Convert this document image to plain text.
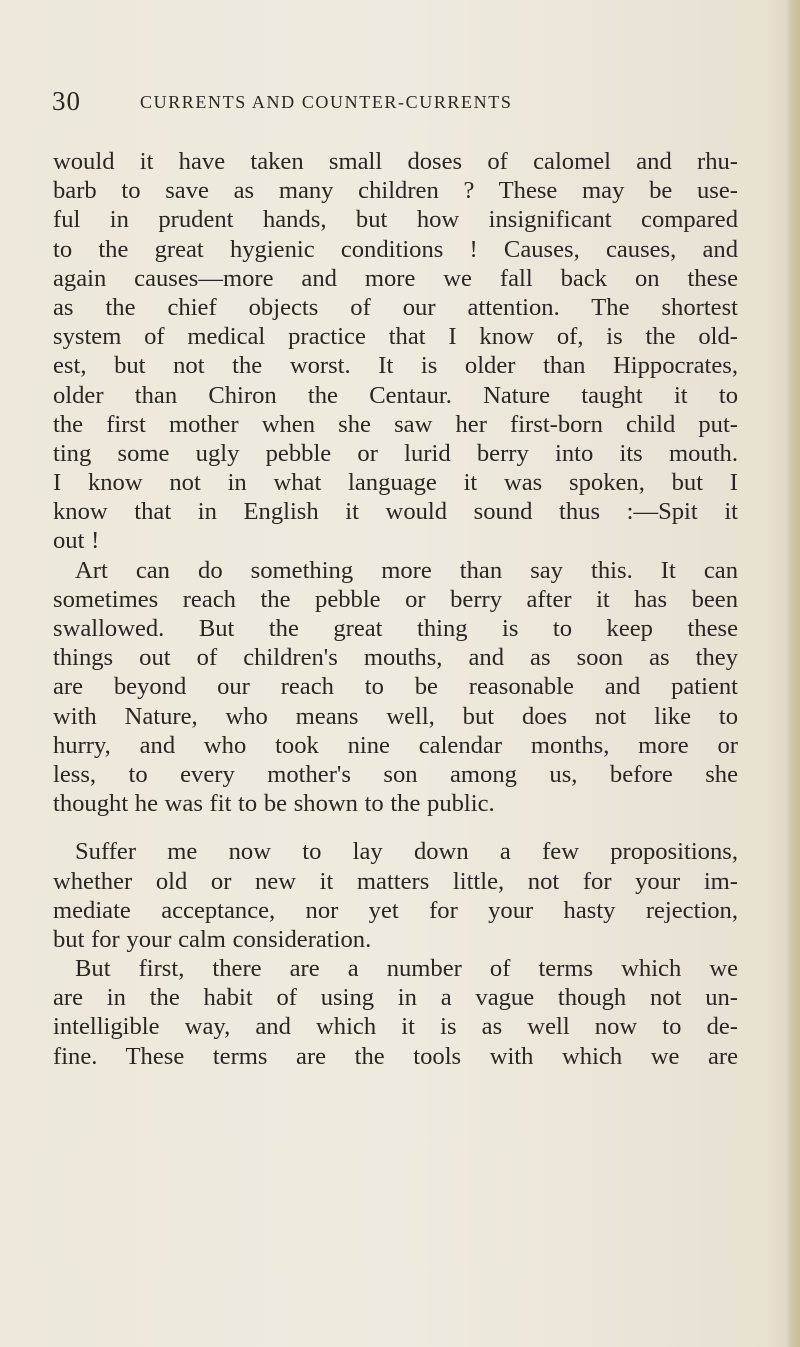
30	CURRENTS AND COUNTER-CURRENTS
would it have taken small doses of calomel and rhu-
barb to save as many children ? These may be use-
ful in prudent hands, but how insignificant compared
to the great hygienic conditions ! Causes, causes, and
again causes—more and more we fall back on these
as the chief objects of our attention. The shortest
system of medical practice that I know of, is the old-
est, but not the worst. It is older than Hippocrates,
older than Chiron the Centaur. Nature taught it to
the first mother when she saw her first-born child put-
ting some ugly pebble or lurid berry into its mouth.
I know not in what language it was spoken, but I
know that in English it would sound thus :—Spit it
out !
Art can do something more than say this. It can
sometimes reach the pebble or berry after it has been
swallowed. But the great thing is to keep these
things out of children's mouths, and as soon as they
are beyond our reach to be reasonable and patient
with Nature, who means well, but does not like to
hurry, and who took nine calendar months, more or
less, to every mother's son among us, before she
thought he was fit to be shown to the public.
Suffer me now to lay down a few propositions,
whether old or new it matters little, not for your im-
mediate acceptance, nor yet for your hasty rejection,
but for your calm consideration.
But first, there are a number of terms which we
are in the habit of using in a vague though not un-
intelligible way, and which it is as well now to de-
fine. These terms are the tools with which we are
